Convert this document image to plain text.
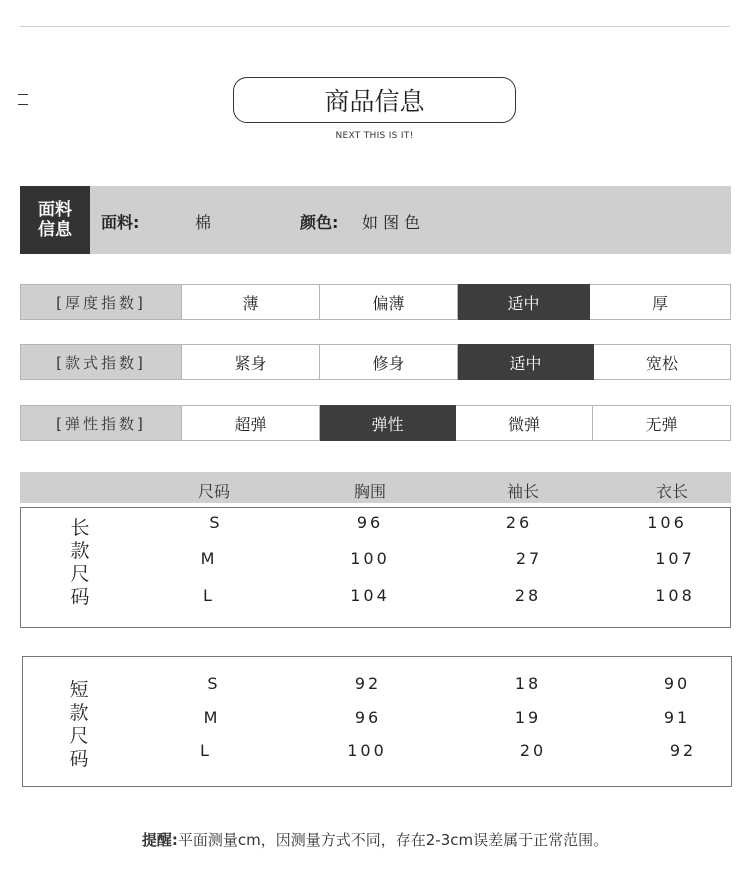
商品信息
NEXT THIS IS IT!
面料
信息 面料:	棉	颜色: 如 图 色
[厚度指数]	薄	偏薄	适中	厚
[款式指数]	紧身	修身	适中	宽松
[弹性指数]	超弹	弹性	微弹	无弹
尺码	胸围	袖长	衣长
长
款
尺
码
S	96	26	106
M	100	27	107
L	104	28	108
短
款
尺
码
S	92	18	90
M	96	19	91
L	100	20	92
提醒:平面测量cm，因测量方式不同，存在2-3cm误差属于正常范围。
